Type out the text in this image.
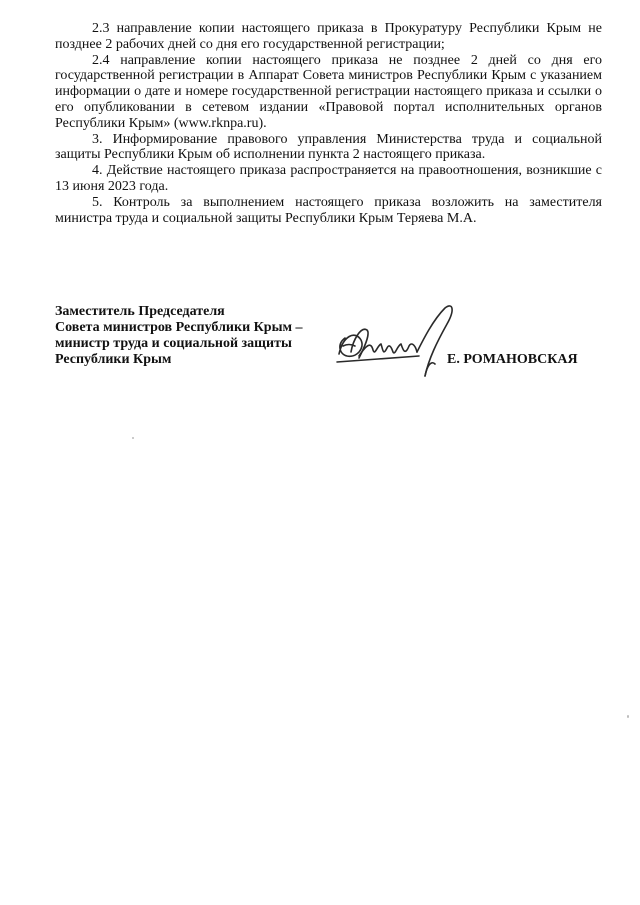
2.3 направление копии настоящего приказа в Прокуратуру Республики Крым не позднее 2 рабочих дней со дня его государственной регистрации;

2.4 направление копии настоящего приказа не позднее 2 дней со дня его государственной регистрации в Аппарат Совета министров Республики Крым с указанием информации о дате и номере государственной регистрации настоящего приказа и ссылки о его опубликовании в сетевом издании «Правовой портал исполнительных органов Республики Крым» (www.rknpa.ru).

3. Информирование правового управления Министерства труда и социальной защиты Республики Крым об исполнении пункта 2 настоящего приказа.

4. Действие настоящего приказа распространяется на правоотношения, возникшие с 13 июня 2023 года.

5. Контроль за выполнением настоящего приказа возложить на заместителя министра труда и социальной защиты Республики Крым Теряева М.А.

Заместитель Председателя
Совета министров Республики Крым –
министр труда и социальной защиты
Республики Крым	Е. РОМАНОВСКАЯ
